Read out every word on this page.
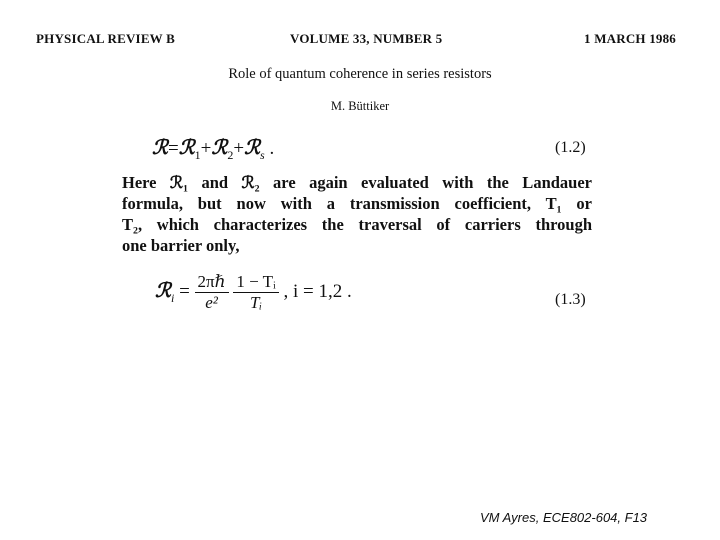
PHYSICAL REVIEW B	VOLUME 33, NUMBER 5	1 MARCH 1986
Role of quantum coherence in series resistors
M. Büttiker
ℛ=ℛ$_1$+ℛ$_2$+ℛ$_s$ .	(1.2)
Here ℛ₁ and ℛ₂ are again evaluated with the Landauer
formula, but now with a transmission coefficient, T₁ or
T₂, which characterizes the traversal of carriers through
one barrier only,
ℛ$_i$ = $\frac{\text{2πℏ}}{\text{e²}}$
$\frac{\text{1 − Tᵢ}}{\text{Tᵢ}}$ , i = 1,2 .	(1.3)
VM Ayres, ECE802-604, F13
